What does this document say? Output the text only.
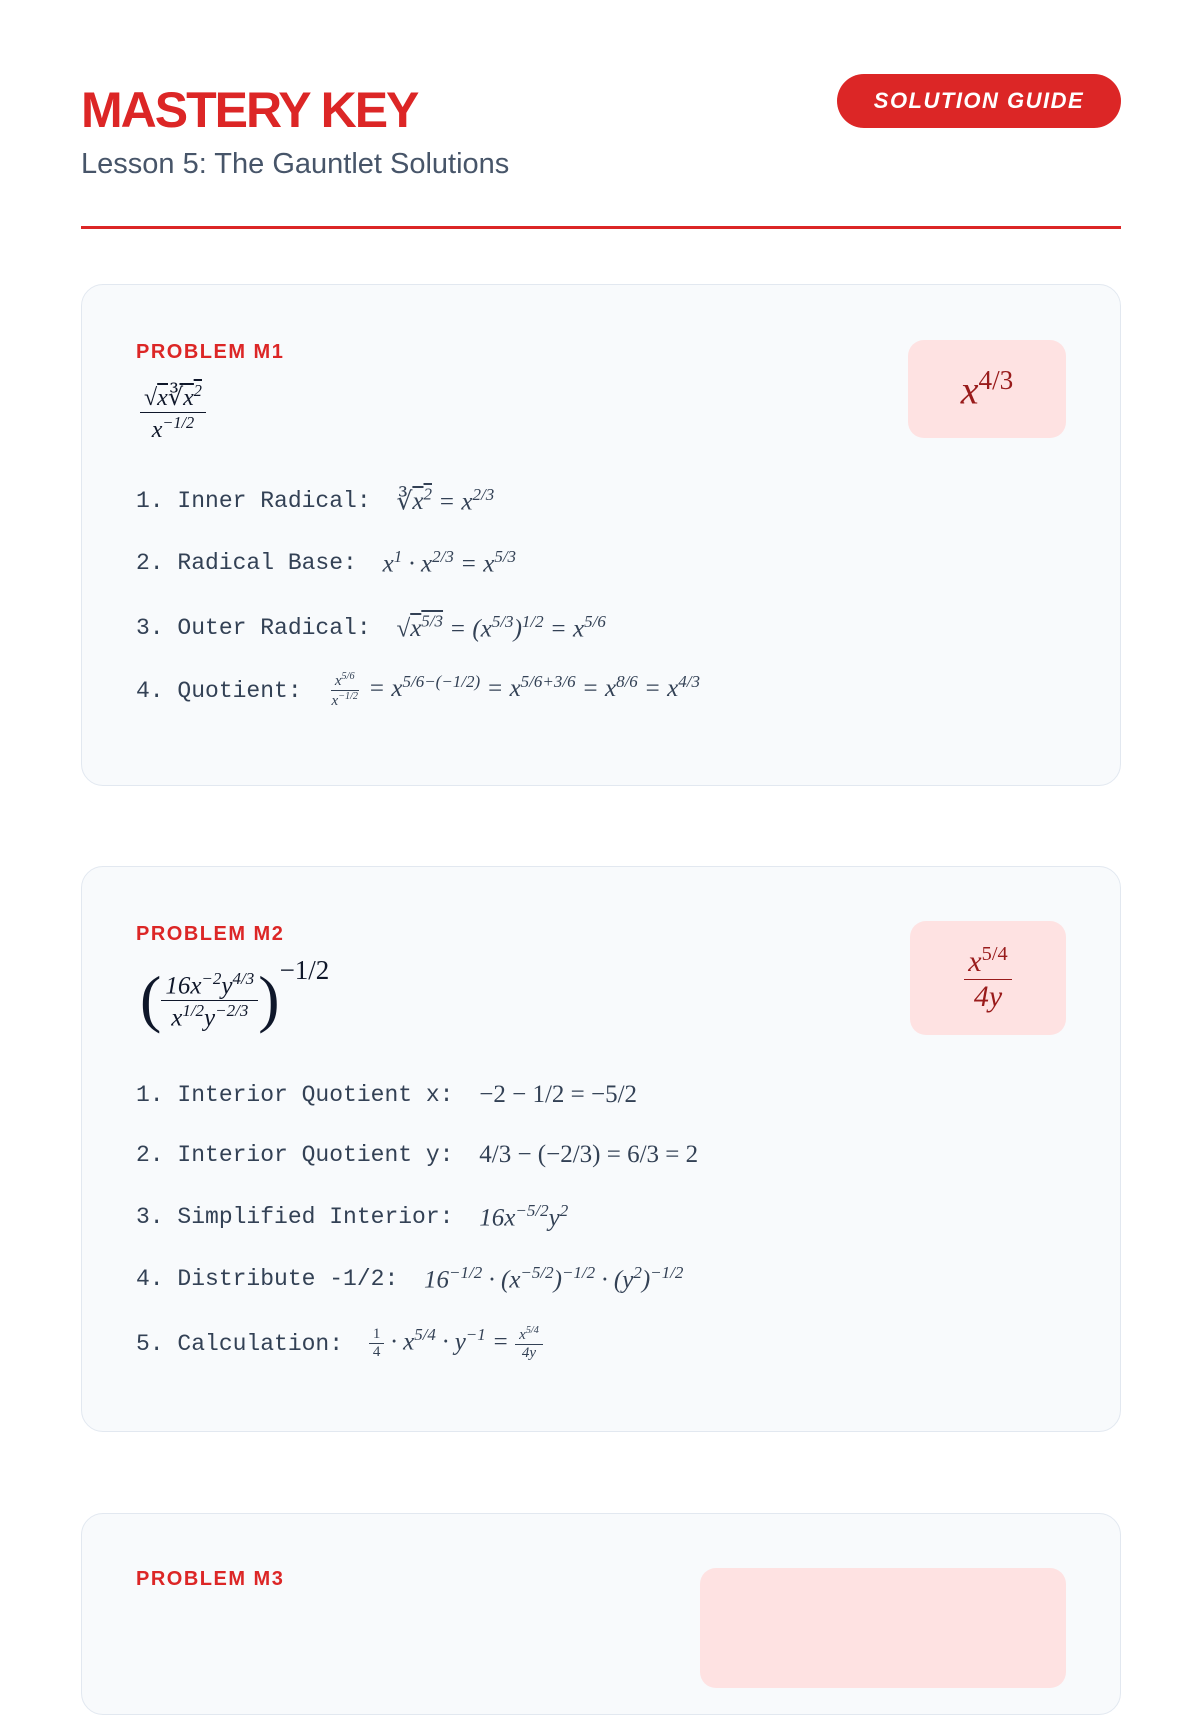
MASTERY KEY

Lesson 5: The Gauntlet Solutions

SOLUTION GUIDE
PROBLEM M1
$\frac{√x∛x^2}{x^{-1/2}}$	$x^{4/3}$
1. Inner Radical: $∛x^2 = x^{2/3}$
2. Radical Base: $x^1 \cdot x^{2/3} = x^{5/3}$
3. Outer Radical: $√x^{5/3} = (x^{5/3})^{1/2} = x^{5/6}$
4. Quotient: $\frac{x^{5/6}}{x^{-1/2}} = x^{5/6-(-1/2)} = x^{5/6+3/6} = x^{8/6} = x^{4/3}$
PROBLEM M2
( $\frac{16x^{-2}y^{4/3}}{x^{1/2}y^{-2/3}}$ ) −1/2	$\frac{x^{5/4}}{4y}$
1. Interior Quotient x: −2 − 1/2 = −5/2
2. Interior Quotient y: 4/3 − (−2/3) = 6/3 = 2
3. Simplified Interior: $16x^{-5/2}y^2$
4. Distribute -1/2: $16^{-1/2} \cdot (x^{-5/2})^{-1/2} \cdot (y^2)^{-1/2}$
5. Calculation: $\frac{1}{4} \cdot x^{5/4} \cdot y^{-1} = \frac{x^{5/4}}{4y}$
PROBLEM M3
